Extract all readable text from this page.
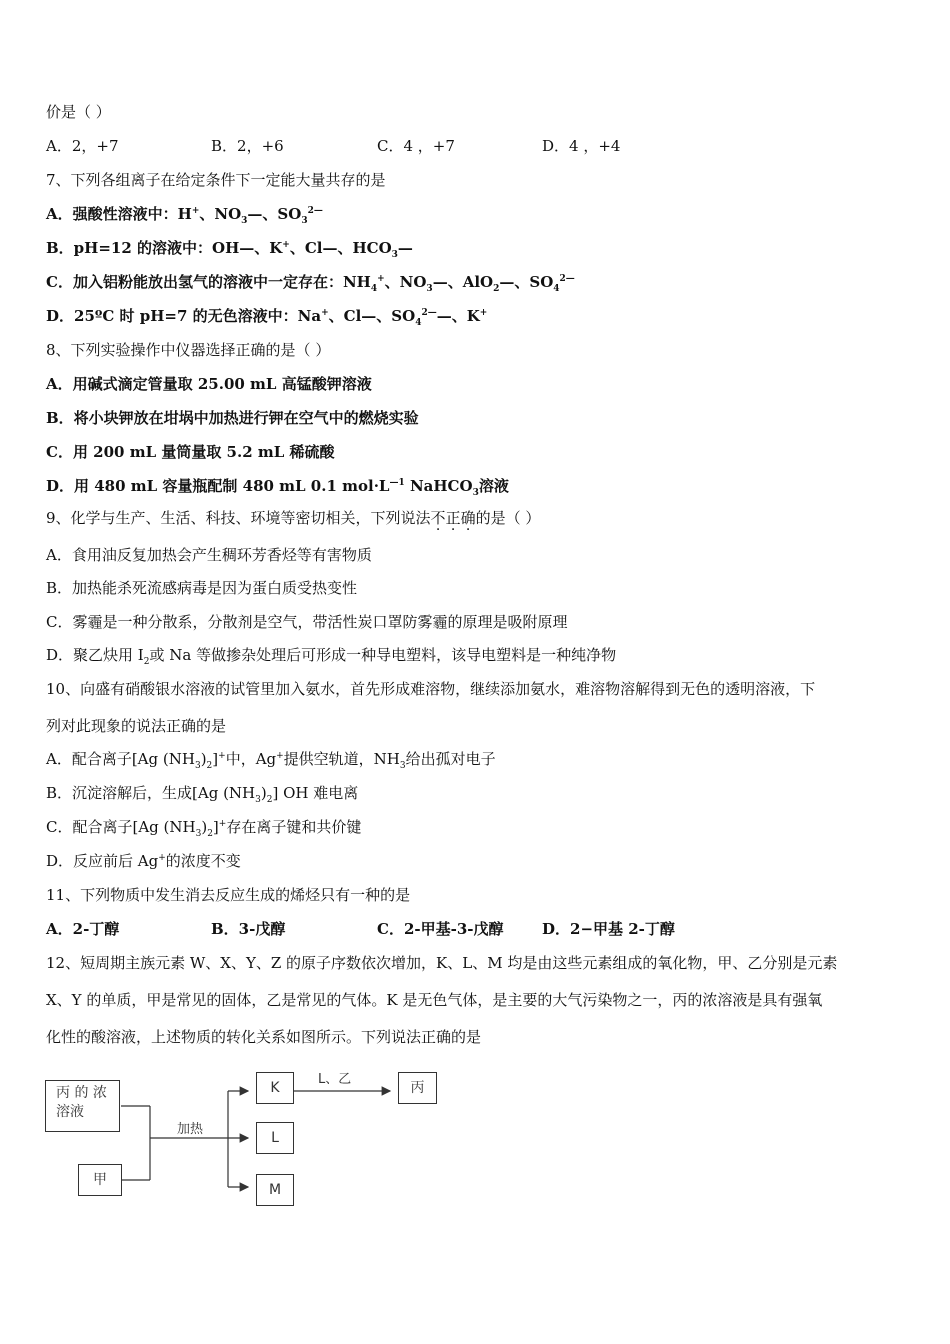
价是（ ）
A．2，+7	B．2，+6	C．4 ，+7	D．4 ，+4
7、下列各组离子在给定条件下一定能大量共存的是
A．强酸性溶液中：H+、$NO_3—$、$SO_3^{2—}$
B．pH=12 的溶液中：OH—、K+、Cl—、$HCO_3—$
C．加入铝粉能放出氢气的溶液中一定存在：$NH_4^+$、$NO_3—$、AlO$_2$—、$SO_4^{2—}$
D．25ºC 时 pH=7 的无色溶液中：Na+、Cl—、$SO_4^{2—}—$、K+
8、下列实验操作中仪器选择正确的是（ ）
A．用碱式滴定管量取 25.00 mL 高锰酸钾溶液
B．将小块钾放在坩埚中加热进行钾在空气中的燃烧实验
C．用 200 mL 量筒量取 5.2 mL 稀硫酸
D．用 480 mL 容量瓶配制 480 mL 0.1 $mol\cdot L^{—1}$ NaHCO$_3$溶液
9、化学与生产、生活、科技、环境等密切相关，下列说法不正确的是（ ）
A．食用油反复加热会产生稠环芳香烃等有害物质
B．加热能杀死流感病毒是因为蛋白质受热变性
C．雾霾是一种分散系，分散剂是空气，带活性炭口罩防雾霾的原理是吸附原理
D．聚乙炔用 $I_2$或 Na 等做掺杂处理后可形成一种导电塑料，该导电塑料是一种纯净物
10、向盛有硝酸银水溶液的试管里加入氨水，首先形成难溶物，继续添加氨水，难溶物溶解得到无色的透明溶液，下
列对此现象的说法正确的是
A．配合离子[Ag $(NH_3)_2]^+$中，Ag+提供空轨道，$NH_3$给出孤对电子
B．沉淀溶解后，生成[Ag $(NH_3)_2$] OH 难电离
C．配合离子[Ag $(NH_3)_2]^+$存在离子键和共价键
D．反应前后 Ag+的浓度不变
11、下列物质中发生消去反应生成的烯烃只有一种的是
A．2-丁醇	B．3-戊醇	C．2-甲基-3-戊醇	D．2−甲基 2-丁醇
12、短周期主族元素 W、X、Y、Z 的原子序数依次增加，K、L、M 均是由这些元素组成的氧化物，甲、乙分别是元素
X、Y 的单质，甲是常见的固体，乙是常见的气体。K 是无色气体，是主要的大气污染物之一，丙的浓溶液是具有强氧
化性的酸溶液，上述物质的转化关系如图所示。下列说法正确的是
丙 的 浓
溶液
甲
K
L
M
丙
加热
L、乙
